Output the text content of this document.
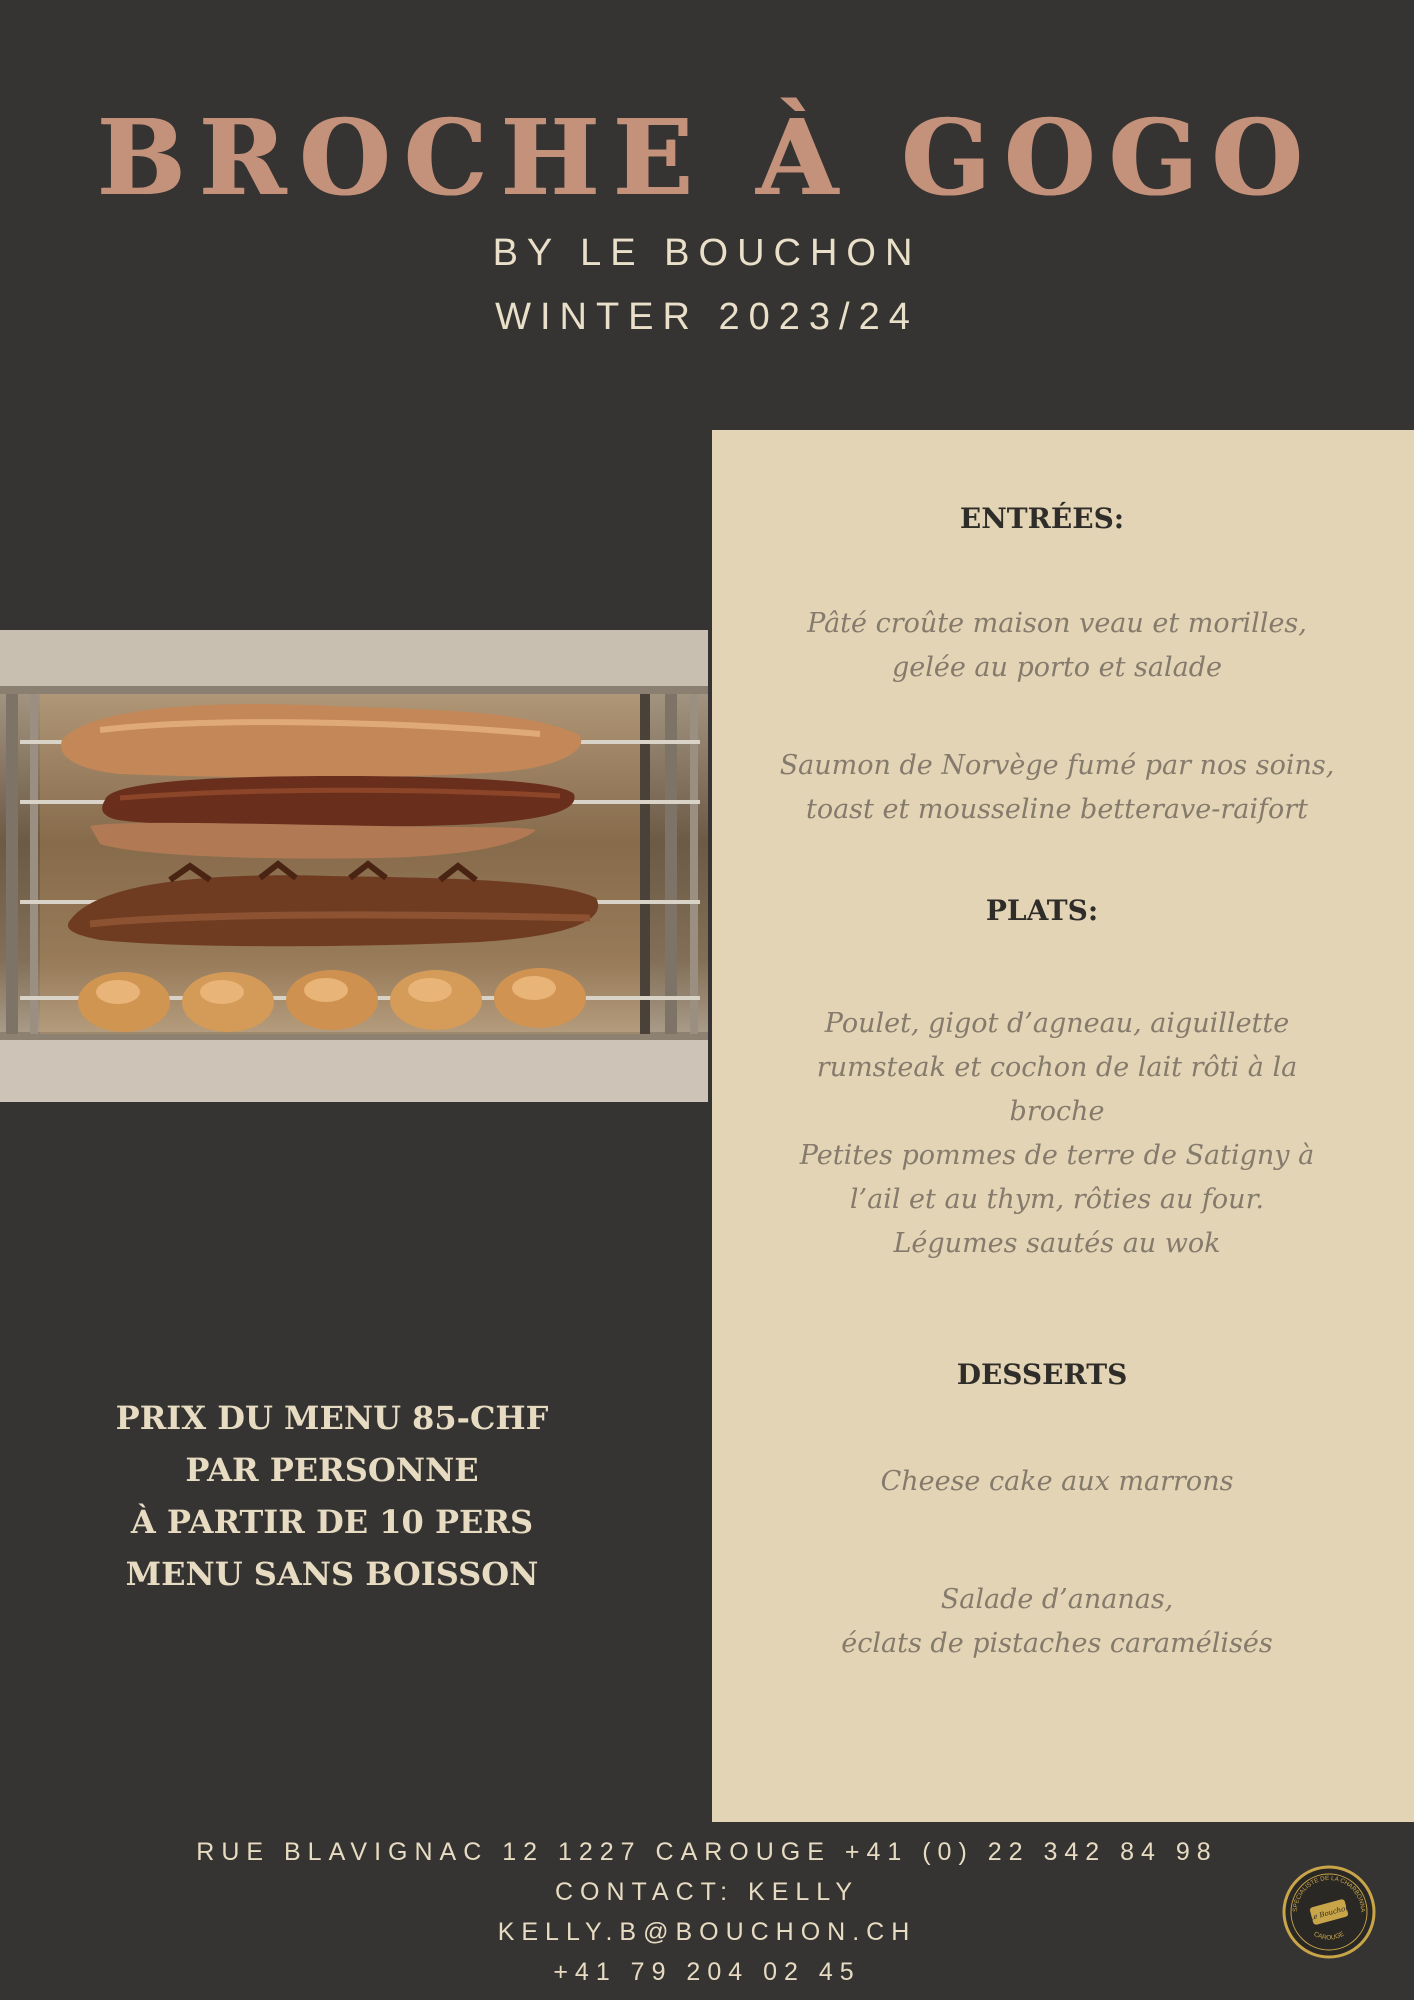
BROCHE À GOGO
BY LE BOUCHON
WINTER 2023/24
ENTRÉES:
Pâté croûte maison veau et morilles,
gelée au porto et salade
Saumon de Norvège fumé par nos soins,
toast et mousseline betterave-raifort
PLATS:
Poulet, gigot d’agneau, aiguillette
rumsteak et cochon de lait rôti à la
broche
Petites pommes de terre de Satigny à
l’ail et au thym, rôties au four.
Légumes sautés au wok
DESSERTS
Cheese cake aux marrons
Salade d’ananas,
éclats de pistaches caramélisés
PRIX DU MENU 85-CHF
PAR PERSONNE
À PARTIR DE 10 PERS
MENU SANS BOISSON
RUE BLAVIGNAC 12 1227 CAROUGE +41 (0) 22 342 84 98
CONTACT: KELLY
KELLY.B@BOUCHON.CH
+41 79 204 02 45
SPÉCIALISTE DE LA CHARBONNA
CAROUGE
Le Bouchon
